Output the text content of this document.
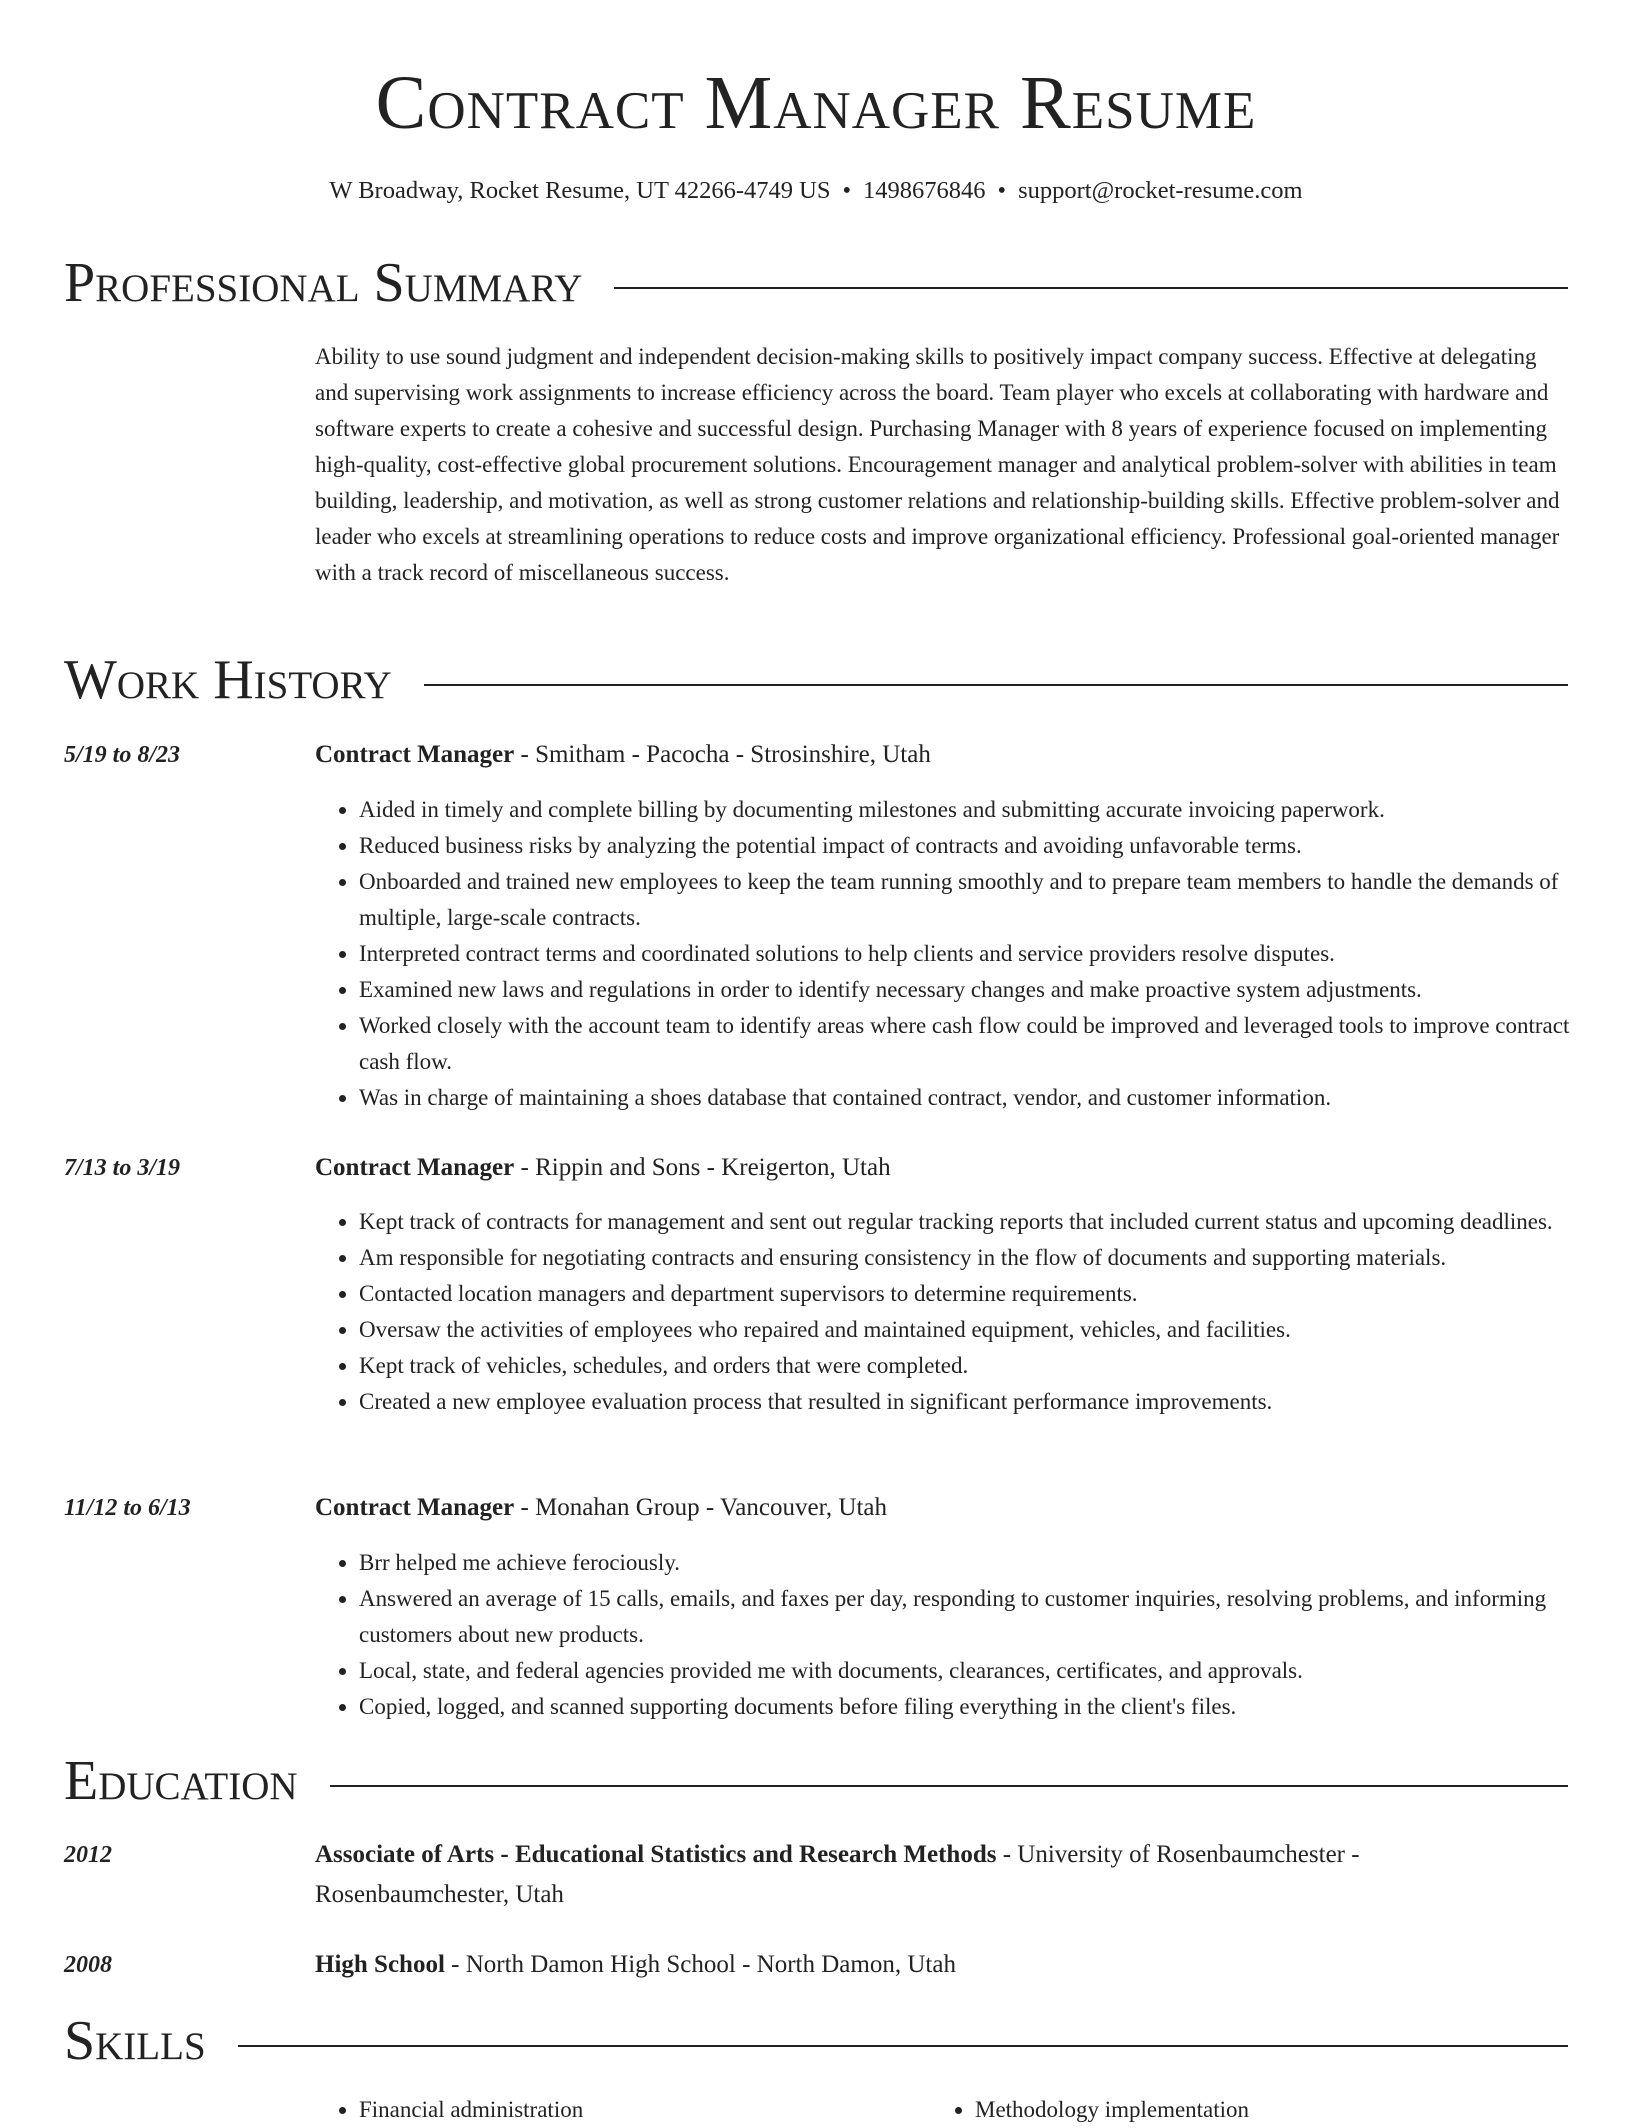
Contract Manager Resume
W Broadway, Rocket Resume, UT 42266-4749 US • 1498676846 • support@rocket-resume.com
Professional Summary

Ability to use sound judgment and independent decision-making skills to positively impact company success. Effective at delegating and supervising work assignments to increase efficiency across the board. Team player who excels at collaborating with hardware and software experts to create a cohesive and successful design. Purchasing Manager with 8 years of experience focused on implementing high-quality, cost-effective global procurement solutions. Encouragement manager and analytical problem-solver with abilities in team building, leadership, and motivation, as well as strong customer relations and relationship-building skills. Effective problem-solver and leader who excels at streamlining operations to reduce costs and improve organizational efficiency. Professional goal-oriented manager with a track record of miscellaneous success.

Work History
5/19 to 8/23	Contract Manager - Smitham - Pacocha - Strosinshire, Utah
• Aided in timely and complete billing by documenting milestones and submitting accurate invoicing paperwork.
• Reduced business risks by analyzing the potential impact of contracts and avoiding unfavorable terms.
• Onboarded and trained new employees to keep the team running smoothly and to prepare team members to handle the demands of multiple, large-scale contracts.
• Interpreted contract terms and coordinated solutions to help clients and service providers resolve disputes.
• Examined new laws and regulations in order to identify necessary changes and make proactive system adjustments.
• Worked closely with the account team to identify areas where cash flow could be improved and leveraged tools to improve contract cash flow.
• Was in charge of maintaining a shoes database that contained contract, vendor, and customer information.
7/13 to 3/19	Contract Manager - Rippin and Sons - Kreigerton, Utah
• Kept track of contracts for management and sent out regular tracking reports that included current status and upcoming deadlines.
• Am responsible for negotiating contracts and ensuring consistency in the flow of documents and supporting materials.
• Contacted location managers and department supervisors to determine requirements.
• Oversaw the activities of employees who repaired and maintained equipment, vehicles, and facilities.
• Kept track of vehicles, schedules, and orders that were completed.
• Created a new employee evaluation process that resulted in significant performance improvements.
11/12 to 6/13	Contract Manager - Monahan Group - Vancouver, Utah
• Brr helped me achieve ferociously.
• Answered an average of 15 calls, emails, and faxes per day, responding to customer inquiries, resolving problems, and informing customers about new products.
• Local, state, and federal agencies provided me with documents, clearances, certificates, and approvals.
• Copied, logged, and scanned supporting documents before filing everything in the client's files.
Education
2012	Associate of Arts - Educational Statistics and Research Methods - University of Rosenbaumchester - Rosenbaumchester, Utah
2008	High School - North Damon High School - North Damon, Utah
Skills
• Financial administration
•	Methodology implementation
